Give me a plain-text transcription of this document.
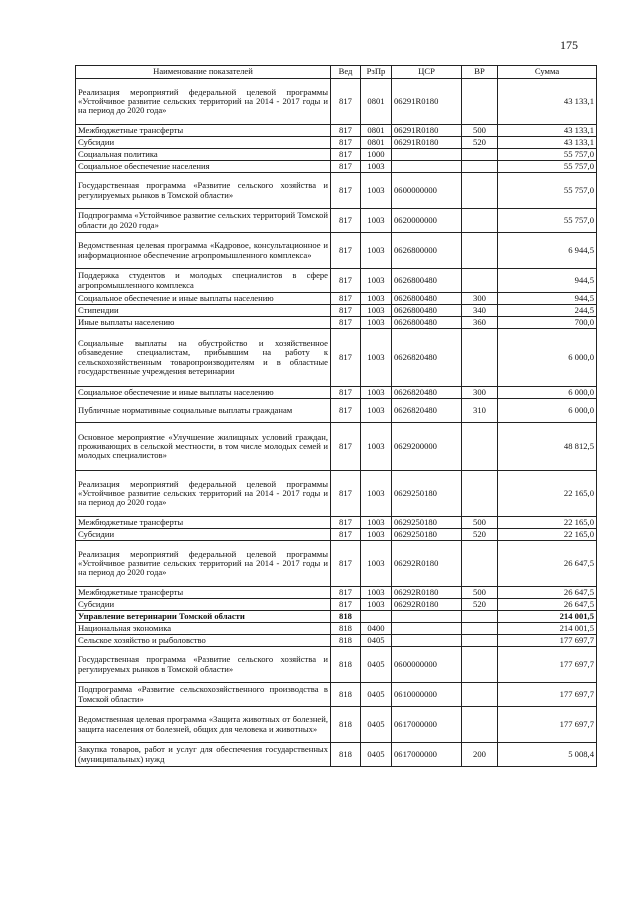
175
Наименование показателей	Вед	РзПр	ЦСР	ВР	Сумма
Реализация мероприятий федеральной целевой программы «Устойчивое развитие сельских территорий на 2014 - 2017 годы и на период до 2020 года»	817	0801	06291R0180		43 133,1
Межбюджетные трансферты	817	0801	06291R0180	500	43 133,1
Субсидии	817	0801	06291R0180	520	43 133,1
Социальная политика	817	1000			55 757,0
Социальное обеспечение населения	817	1003			55 757,0
Государственная программа «Развитие сельского хозяйства и регулируемых рынков в Томской области»	817	1003	0600000000		55 757,0
Подпрограмма «Устойчивое развитие сельских территорий Томской области до 2020 года»	817	1003	0620000000		55 757,0
Ведомственная целевая программа «Кадровое, консультационное и информационное обеспечение агропромышленного комплекса»	817	1003	0626800000		6 944,5
Поддержка студентов и молодых специалистов в сфере агропромышленного комплекса	817	1003	0626800480		944,5
Социальное обеспечение и иные выплаты населению	817	1003	0626800480	300	944,5
Стипендии	817	1003	0626800480	340	244,5
Иные выплаты населению	817	1003	0626800480	360	700,0
Социальные выплаты на обустройство и хозяйственное обзаведение специалистам, прибывшим на работу к сельскохозяйственным товаропроизводителям и в областные государственные учреждения ветеринарии	817	1003	0626820480		6 000,0
Социальное обеспечение и иные выплаты населению	817	1003	0626820480	300	6 000,0
Публичные нормативные социальные выплаты гражданам	817	1003	0626820480	310	6 000,0
Основное мероприятие «Улучшение жилищных условий граждан, проживающих в сельской местности, в том числе молодых семей и молодых специалистов»	817	1003	0629200000		48 812,5
Реализация мероприятий федеральной целевой программы «Устойчивое развитие сельских территорий на 2014 - 2017 годы и на период до 2020 года»	817	1003	0629250180		22 165,0
Межбюджетные трансферты	817	1003	0629250180	500	22 165,0
Субсидии	817	1003	0629250180	520	22 165,0
Реализация мероприятий федеральной целевой программы «Устойчивое развитие сельских территорий на 2014 - 2017 годы и на период до 2020 года»	817	1003	06292R0180		26 647,5
Межбюджетные трансферты	817	1003	06292R0180	500	26 647,5
Субсидии	817	1003	06292R0180	520	26 647,5
Управление ветеринарии Томской области	818				214 001,5
Национальная экономика	818	0400			214 001,5
Сельское хозяйство и рыболовство	818	0405			177 697,7
Государственная программа «Развитие сельского хозяйства и регулируемых рынков в Томской области»	818	0405	0600000000		177 697,7
Подпрограмма «Развитие сельскохозяйственного производства в Томской области»	818	0405	0610000000		177 697,7
Ведомственная целевая программа «Защита животных от болезней, защита населения от болезней, общих для человека и животных»	818	0405	0617000000		177 697,7
Закупка товаров, работ и услуг для обеспечения государственных (муниципальных) нужд	818	0405	0617000000	200	5 008,4
